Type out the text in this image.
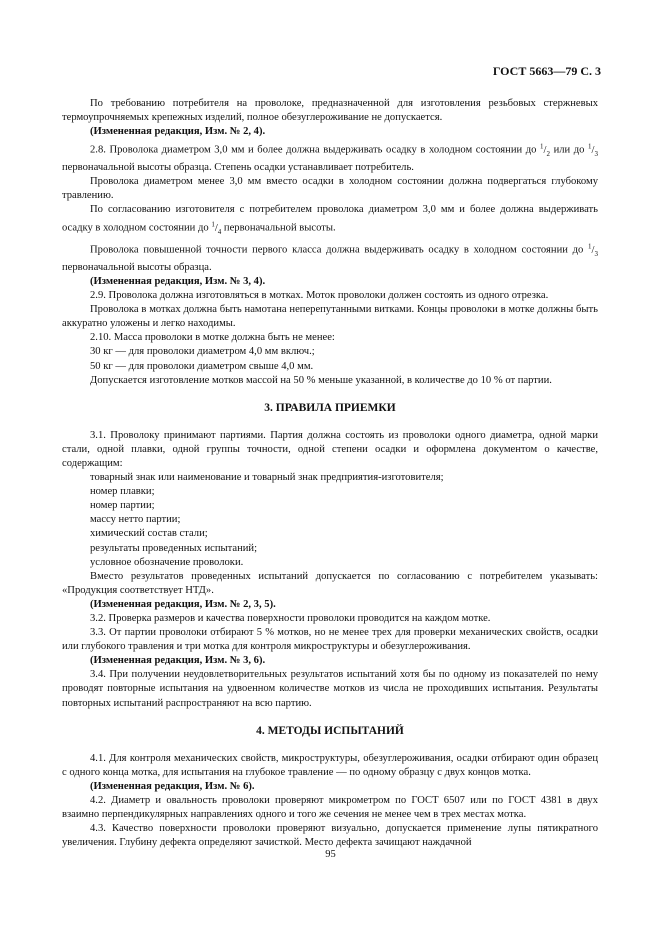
ГОСТ 5663—79 С. 3

По требованию потребителя на проволоке, предназначенной для изготовления резьбовых стержневых термоупрочняемых крепежных изделий, полное обезуглероживание не допускается.

(Измененная редакция, Изм. № 2, 4).

2.8. Проволока диаметром 3,0 мм и более должна выдерживать осадку в холодном состоянии до $^1/_2$ или до $^1/_3$ первоначальной высоты образца. Степень осадки устанавливает потребитель.

Проволока диаметром менее 3,0 мм вместо осадки в холодном состоянии должна подвергаться глубокому травлению.

По согласованию изготовителя с потребителем проволока диаметром 3,0 мм и более должна выдерживать осадку в холодном состоянии до $^1/_4$ первоначальной высоты.

Проволока повышенной точности первого класса должна выдерживать осадку в холодном состоянии до $^1/_3$ первоначальной высоты образца.

(Измененная редакция, Изм. № 3, 4).

2.9. Проволока должна изготовляться в мотках. Моток проволоки должен состоять из одного отрезка.

Проволока в мотках должна быть намотана неперепутанными витками. Концы проволоки в мотке должны быть аккуратно уложены и легко находимы.

2.10. Масса проволоки в мотке должна быть не менее:

30 кг — для проволоки диаметром 4,0 мм включ.;

50 кг — для проволоки диаметром свыше 4,0 мм.

Допускается изготовление мотков массой на 50 % меньше указанной, в количестве до 10 % от партии.

3. ПРАВИЛА ПРИЕМКИ

3.1. Проволоку принимают партиями. Партия должна состоять из проволоки одного диаметра, одной марки стали, одной плавки, одной группы точности, одной степени осадки и оформлена документом о качестве, содержащим:

товарный знак или наименование и товарный знак предприятия-изготовителя;

номер плавки;

номер партии;

массу нетто партии;

химический состав стали;

результаты проведенных испытаний;

условное обозначение проволоки.

Вместо результатов проведенных испытаний допускается по согласованию с потребителем указывать: «Продукция соответствует НТД».

(Измененная редакция, Изм. № 2, 3, 5).

3.2. Проверка размеров и качества поверхности проволоки проводится на каждом мотке.

3.3. От партии проволоки отбирают 5 % мотков, но не менее трех для проверки механических свойств, осадки или глубокого травления и три мотка для контроля микроструктуры и обезуглероживания.

(Измененная редакция, Изм. № 3, 6).

3.4. При получении неудовлетворительных результатов испытаний хотя бы по одному из показателей по нему проводят повторные испытания на удвоенном количестве мотков из числа не проходивших испытания. Результаты повторных испытаний распространяют на всю партию.

4. МЕТОДЫ ИСПЫТАНИЙ

4.1. Для контроля механических свойств, микроструктуры, обезуглероживания, осадки отбирают один образец с одного конца мотка, для испытания на глубокое травление — по одному образцу с двух концов мотка.

(Измененная редакция, Изм. № 6).

4.2. Диаметр и овальность проволоки проверяют микрометром по ГОСТ 6507 или по ГОСТ 4381 в двух взаимно перпендикулярных направлениях одного и того же сечения не менее чем в трех местах мотка.

4.3. Качество поверхности проволоки проверяют визуально, допускается применение лупы пятикратного увеличения. Глубину дефекта определяют зачисткой. Место дефекта зачищают наждачной

95
